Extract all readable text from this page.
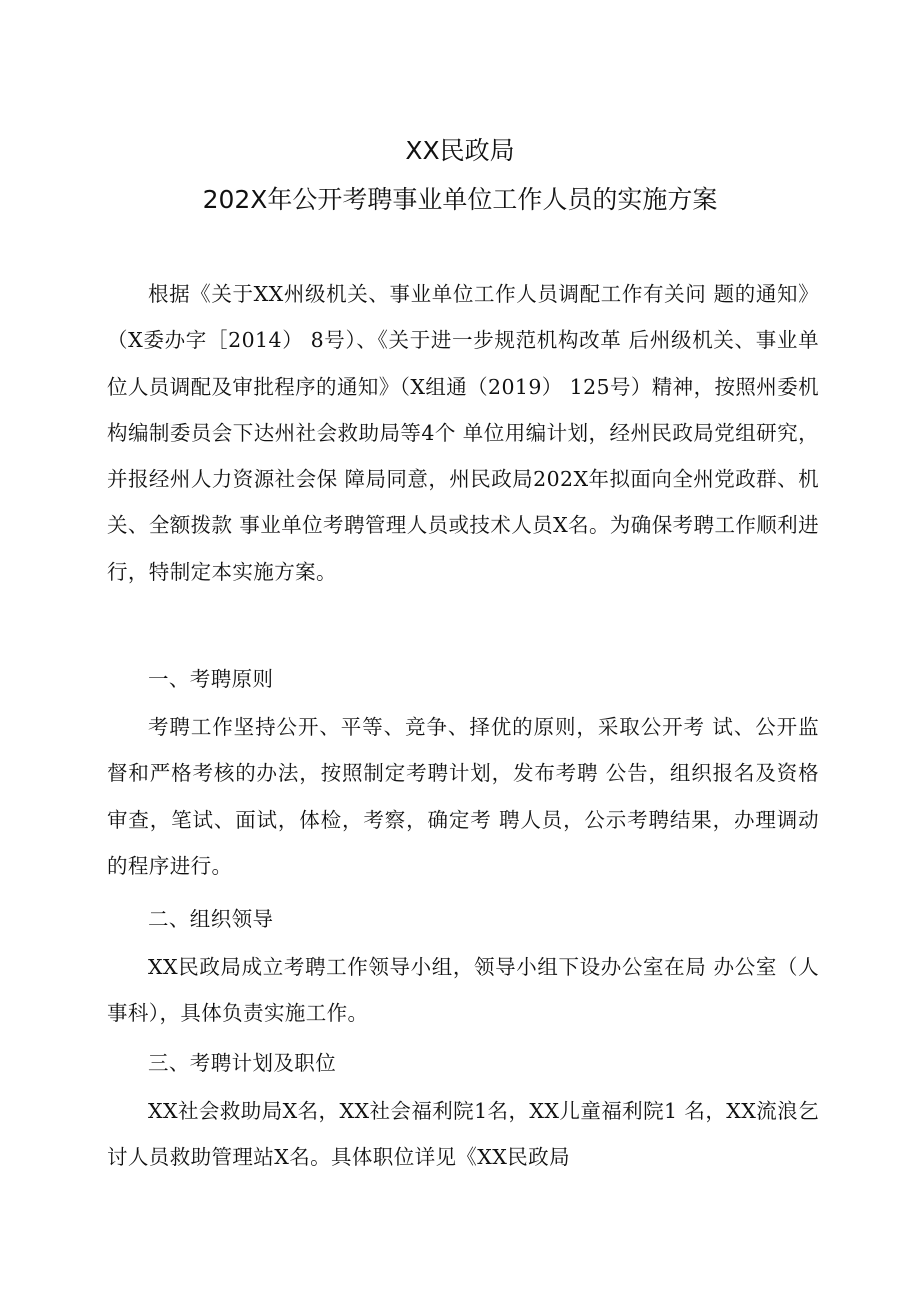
XX民政局
202X年公开考聘事业单位工作人员的实施方案

根据《关于XX州级机关、事业单位工作人员调配工作有关问 题的通知》（X委办字［2014） 8号）、《关于进一步规范机构改革 后州级机关、事业单位人员调配及审批程序的通知》（X组通（2019） 125号）精神，按照州委机构编制委员会下达州社会救助局等4个 单位用编计划，经州民政局党组研究，并报经州人力资源社会保 障局同意，州民政局202X年拟面向全州党政群、机关、全额拨款 事业单位考聘管理人员或技术人员X名。为确保考聘工作顺利进 行，特制定本实施方案。

一、考聘原则

考聘工作坚持公开、平等、竞争、择优的原则，采取公开考 试、公开监督和严格考核的办法，按照制定考聘计划，发布考聘 公告，组织报名及资格审查，笔试、面试，体检，考察，确定考 聘人员，公示考聘结果，办理调动的程序进行。

二、组织领导

XX民政局成立考聘工作领导小组，领导小组下设办公室在局 办公室（人事科），具体负责实施工作。

三、考聘计划及职位

XX社会救助局X名，XX社会福利院1名，XX儿童福利院1 名，XX流浪乞讨人员救助管理站X名。具体职位详见《XX民政局
